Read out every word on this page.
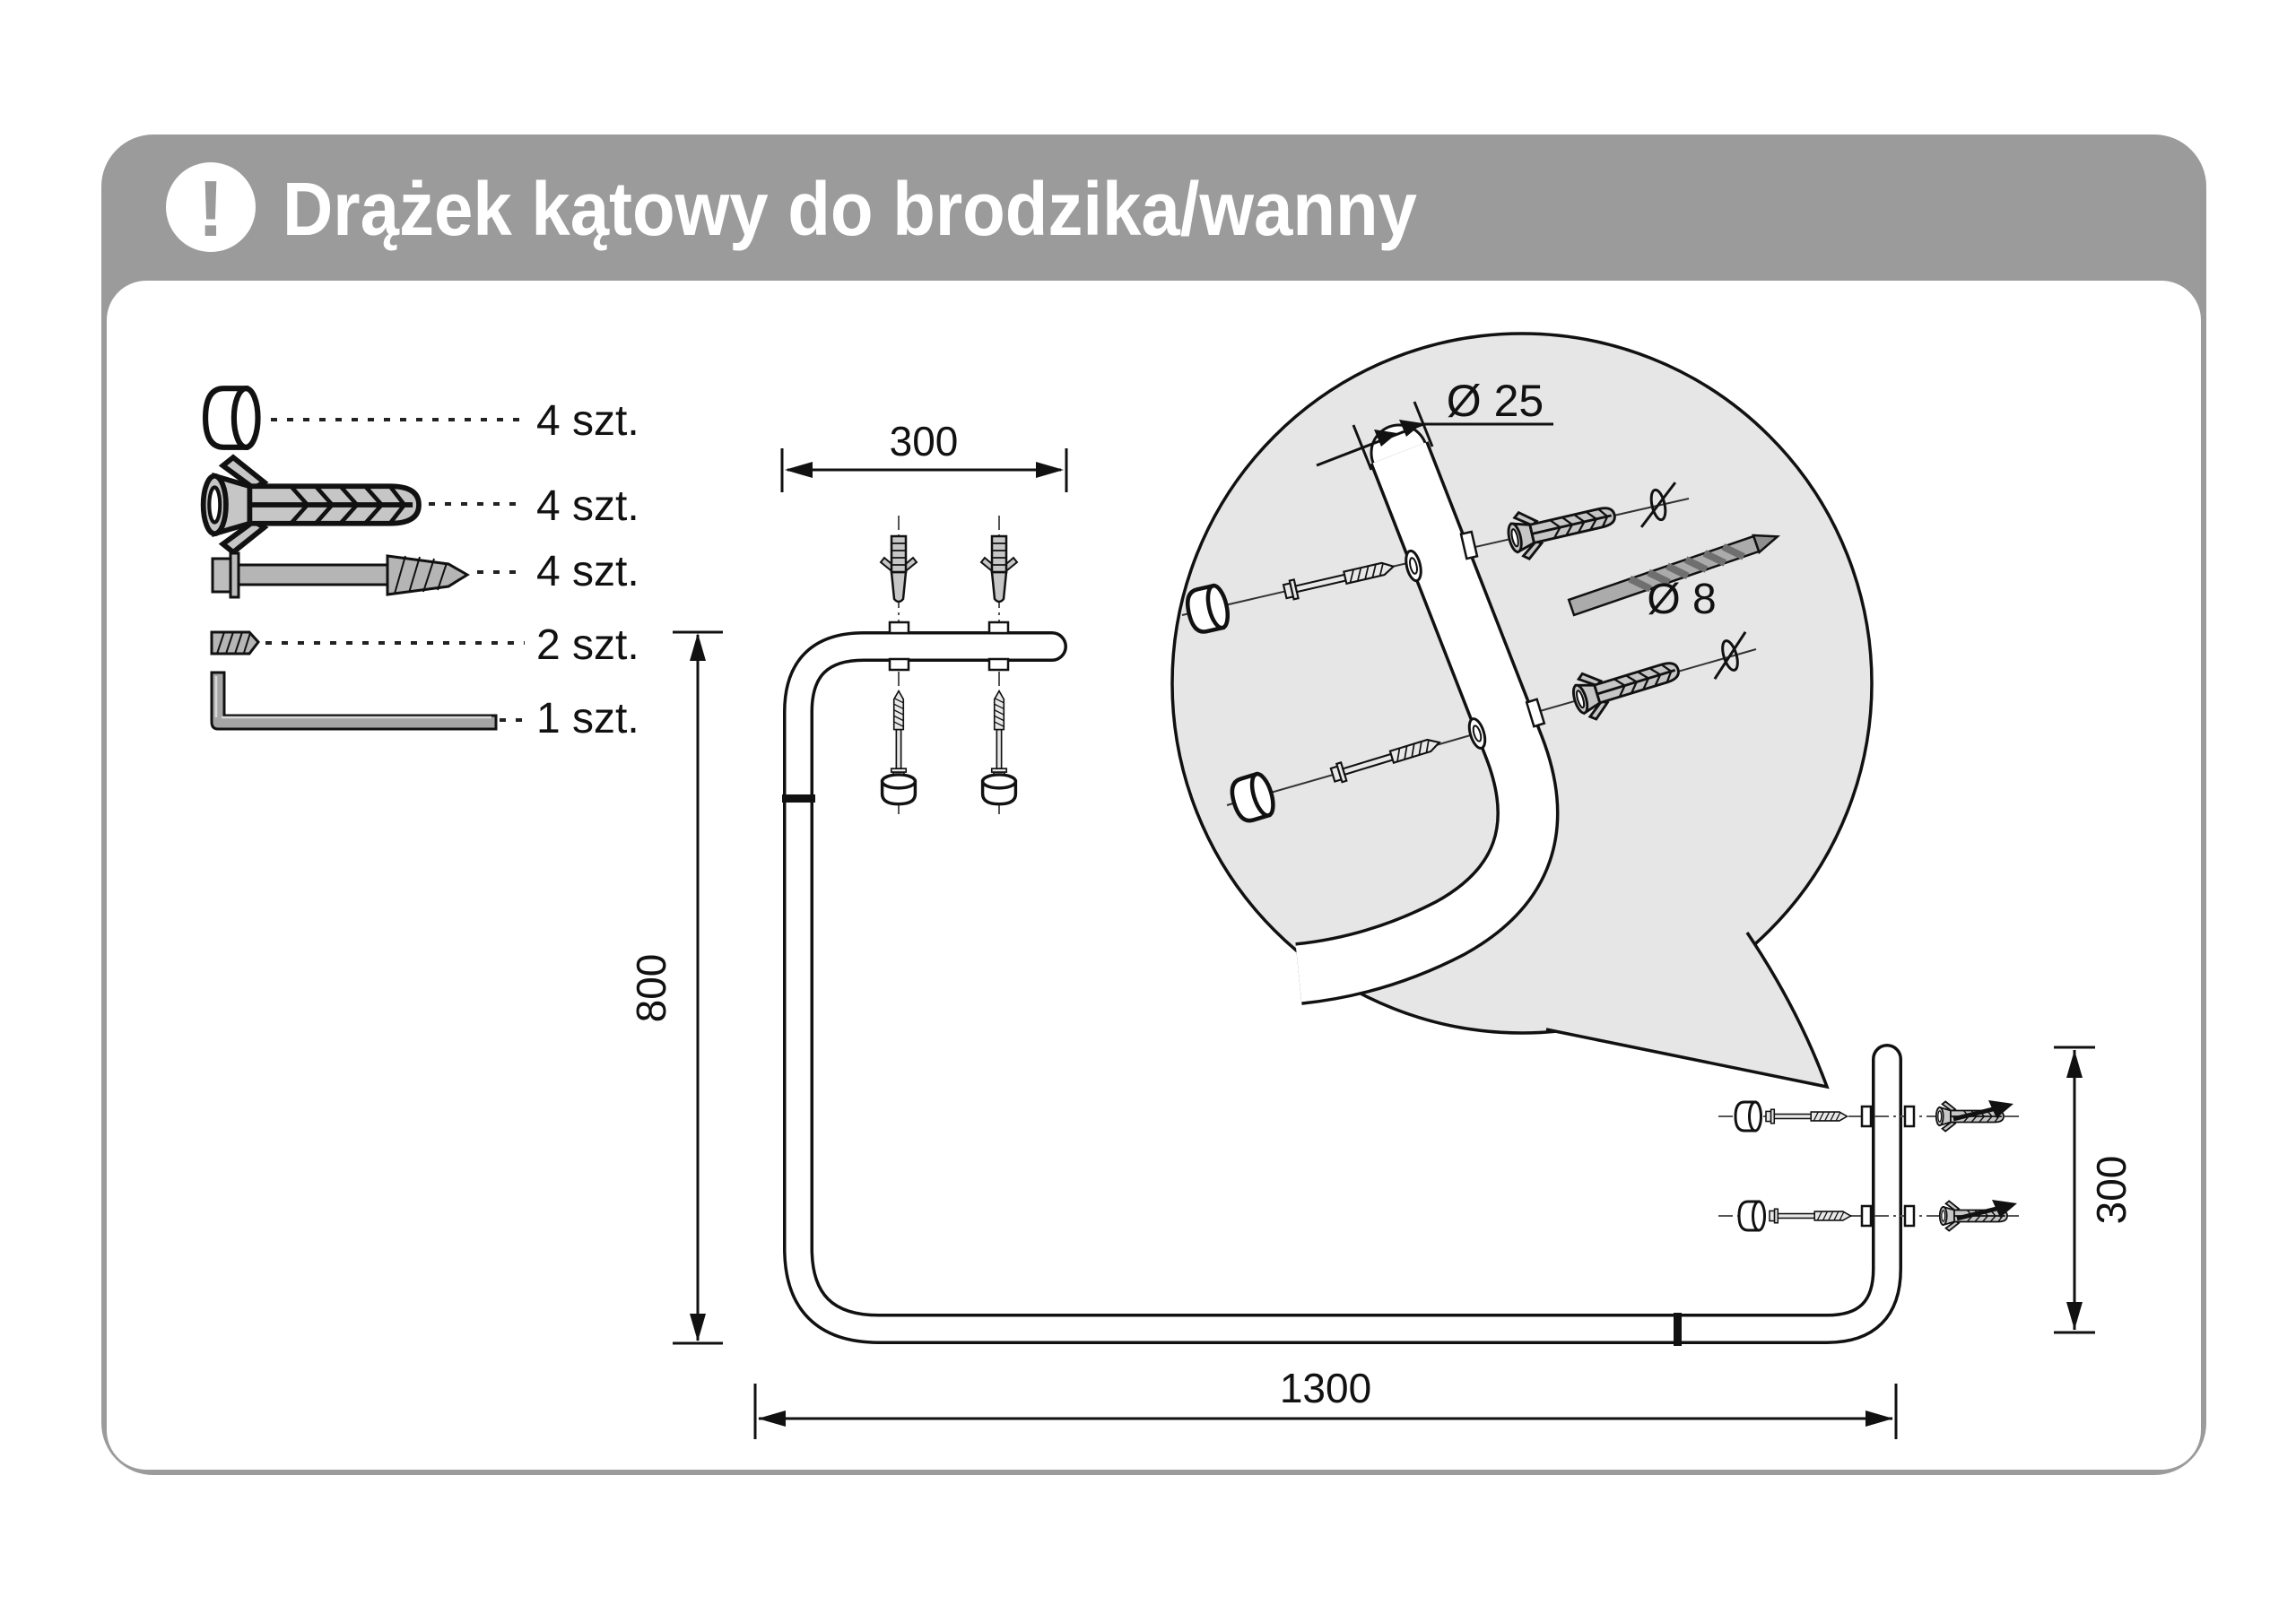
! Drążek kątowy do brodzika/wanny
4 szt.
4 szt.
4 szt.
2 szt.
1 szt.
300
800
1300
300
Ø 25
Ø 8
